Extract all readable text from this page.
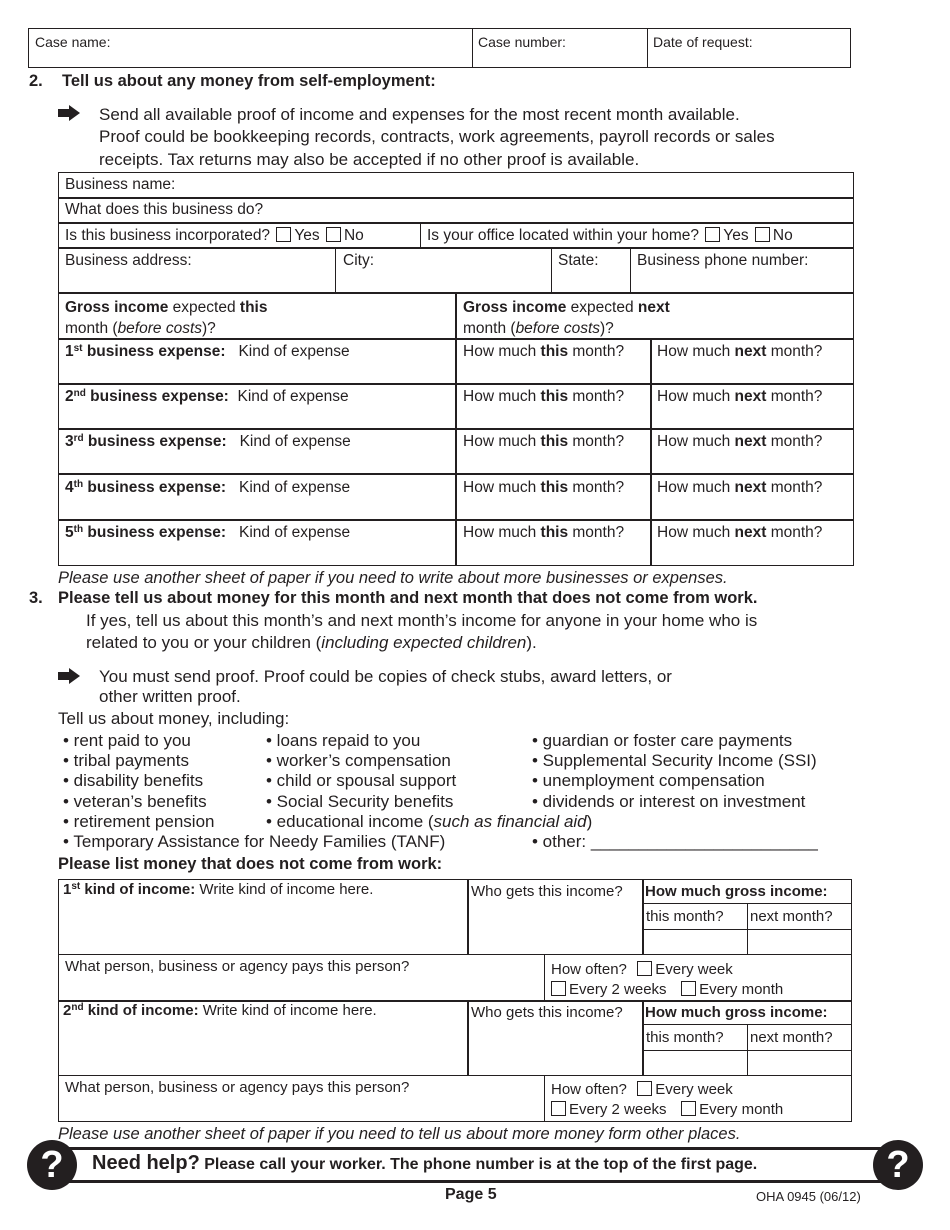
Case name:	Case number:	Date of request:
2. Tell us about any money from self-employment:
Send all available proof of income and expenses for the most recent month available.
Proof could be bookkeeping records, contracts, work agreements, payroll records or sales
receipts. Tax returns may also be accepted if no other proof is available.
Business name:
What does this business do?
Is this business incorporated? Yes No	Is your office located within your home? Yes No
Business address:	City:	State: Business phone number:
Gross income expected this
month (before costs)?
Gross income expected next
month (before costs)?
1st business expense: Kind of expense	How much this month? How much next month?
2nd business expense: Kind of expense	How much this month? How much next month?
3rd business expense: Kind of expense	How much this month? How much next month?
4th business expense: Kind of expense	How much this month? How much next month?
5th business expense: Kind of expense	How much this month? How much next month?
Please use another sheet of paper if you need to write about more businesses or expenses.
3. Please tell us about money for this month and next month that does not come from work.
If yes, tell us about this month’s and next month’s income for anyone in your home who is
related to you or your children (including expected children).
You must send proof. Proof could be copies of check stubs, award letters, or
other written proof.
Tell us about money, including:
• rent paid to you
• tribal payments
• disability benefits
• veteran’s benefits
• retirement pension
• Temporary Assistance for Needy Families (TANF)
• loans repaid to you
• worker’s compensation
• child or spousal support
• Social Security benefits
• educational income (such as financial aid)
• guardian or foster care payments
• Supplemental Security Income (SSI)
• unemployment compensation
• dividends or interest on investment

• other: ________________________
Please list money that does not come from work:
1st kind of income: Write kind of income here.	Who gets this income? How much gross income:
this month? next month?
What person, business or agency pays this person?	How often? Every week
Every 2 weeks Every month
2nd kind of income: Write kind of income here.	Who gets this income? How much gross income:
this month? next month?
What person, business or agency pays this person?	How often? Every week
Every 2 weeks Every month
Please use another sheet of paper if you need to tell us about more money form other places.
?	?
Need help? Please call your worker. The phone number is at the top of the first page.
Page 5	OHA 0945 (06/12)
